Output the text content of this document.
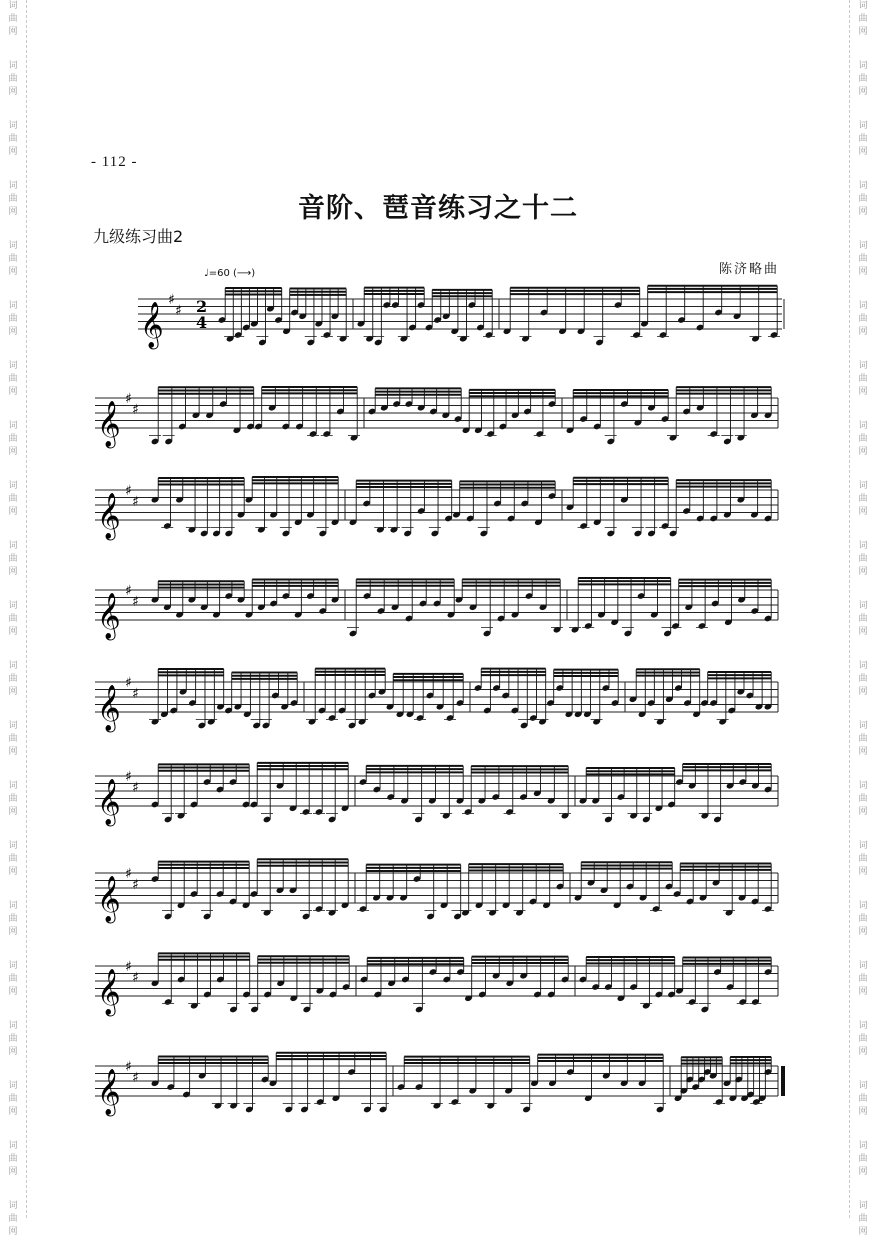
词
曲
网
词
曲
网
词
曲
网
词
曲
网
词
曲
网
词
曲
网
词
曲
网
词
曲
网
词
曲
网
词
曲
网
词
曲
网
词
曲
网
词
曲
网
词
曲
网
词
曲
网
词
曲
网
词
曲
网
词
曲
网
词
曲
网
词
曲
网
词
曲
网
词
曲
网
词
曲
网
词
曲
网
词
曲
网
词
曲
网
词
曲
网
词
曲
网
词
曲
网
词
曲
网
词
曲
网
词
曲
网
词
曲
网
词
曲
网
词
曲
网
词
曲
网
词
曲
网
词
曲
网
词
曲
网
词
曲
网
词
曲
网
词
曲
网
- 112 -
音阶、琶音练习之十二
九级练习曲2
陈济略曲
♩=60 (⟶)
𝄞
♯
♯ 2
4
𝄞
♯
♯
𝄞
♯
♯
𝄞
♯
♯
𝄞
♯
♯
𝄞
♯
♯
𝄞
♯
♯
𝄞
♯
♯
𝄞
♯
♯
